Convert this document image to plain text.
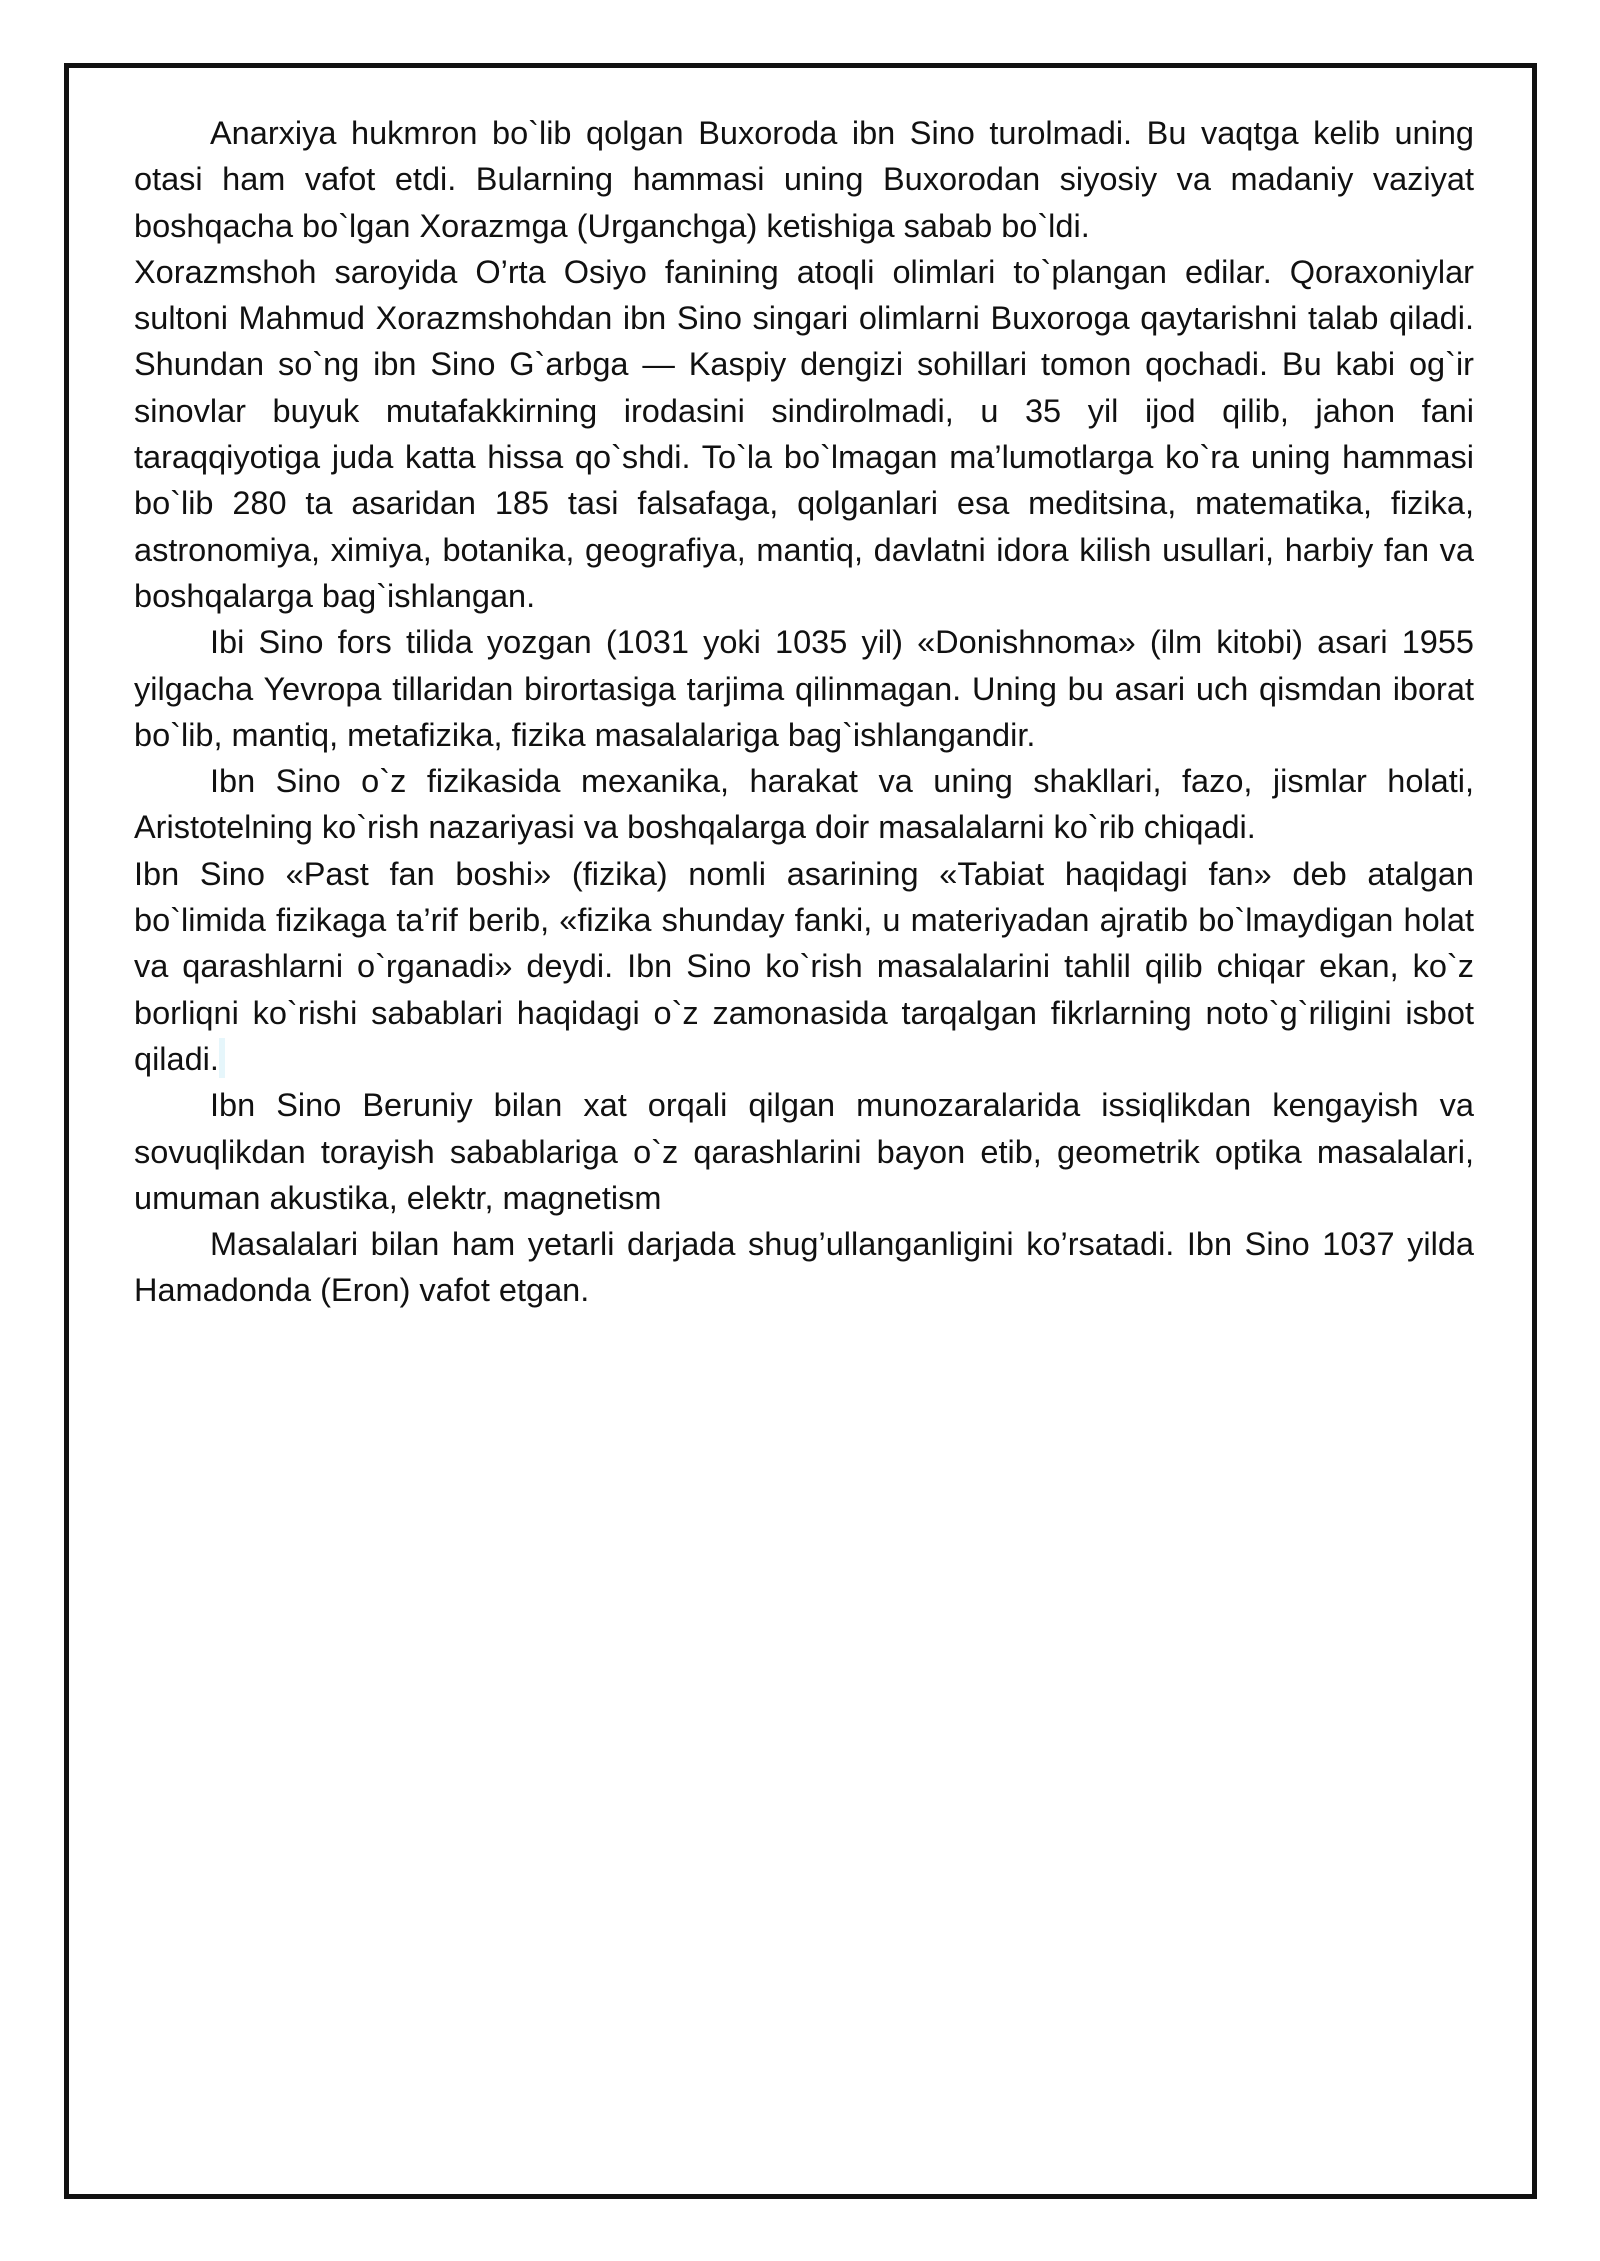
Anarxiya hukmron bo`lib qolgan Buxoroda ibn Sino turolmadi. Bu vaqtga kelib uning otasi ham vafot etdi. Bularning hammasi uning Buxorodan siyosiy va madaniy vaziyat boshqacha bo`lgan Xorazmga (Urganchga) ketishiga sabab bo`ldi.

Xorazmshoh saroyida O’rta Osiyo fanining atoqli olimlari to`plangan edilar. Qoraxoniylar sultoni Mahmud Xorazmshohdan ibn Sino singari olimlarni Buxoroga qaytarishni talab qiladi. Shundan so`ng ibn Sino G`arbga — Kaspiy dengizi sohillari tomon qochadi. Bu kabi og`ir sinovlar buyuk mutafakkirning irodasini sindirolmadi, u 35 yil ijod qilib, jahon fani taraqqiyotiga juda katta hissa qo`shdi. To`la bo`lmagan ma’lumotlarga ko`ra uning hammasi bo`lib 280 ta asaridan 185 tasi falsafaga, qolganlari esa meditsina, matematika, fizika, astronomiya, ximiya, botanika, geografiya, mantiq, davlatni idora kilish usullari, harbiy fan va boshqalarga bag`ishlangan.

Ibi Sino fors tilida yozgan (1031 yoki 1035 yil) «Donishnoma» (ilm kitobi) asari 1955 yilgacha Yevropa tillaridan birortasiga tarjima qilinmagan. Uning bu asari uch qismdan iborat bo`lib, mantiq, metafizika, fizika masalalariga bag`ishlangandir.

Ibn Sino o`z fizikasida mexanika, harakat va uning shakllari, fazo, jismlar holati, Aristotelning ko`rish nazariyasi va boshqalarga doir masalalarni ko`rib chiqadi.

Ibn Sino «Past fan boshi» (fizika) nomli asarining «Tabiat haqidagi fan» deb atalgan bo`limida fizikaga ta’rif berib, «fizika shunday fanki, u materiyadan ajratib bo`lmaydigan holat va qarashlarni o`rganadi» deydi. Ibn Sino ko`rish masalalarini tahlil qilib chiqar ekan, ko`z borliqni ko`rishi sabablari haqidagi o`z zamonasida tarqalgan fikrlarning noto`g`riligini isbot qiladi.

Ibn Sino Beruniy bilan xat orqali qilgan munozaralarida issiqlikdan kengayish va sovuqlikdan torayish sabablariga o`z qarashlarini bayon etib, geometrik optika masalalari, umuman akustika, elektr, magnetism

Masalalari bilan ham yetarli darjada shug’ullanganligini ko’rsatadi. Ibn Sino 1037 yilda Hamadonda (Eron) vafot etgan.
